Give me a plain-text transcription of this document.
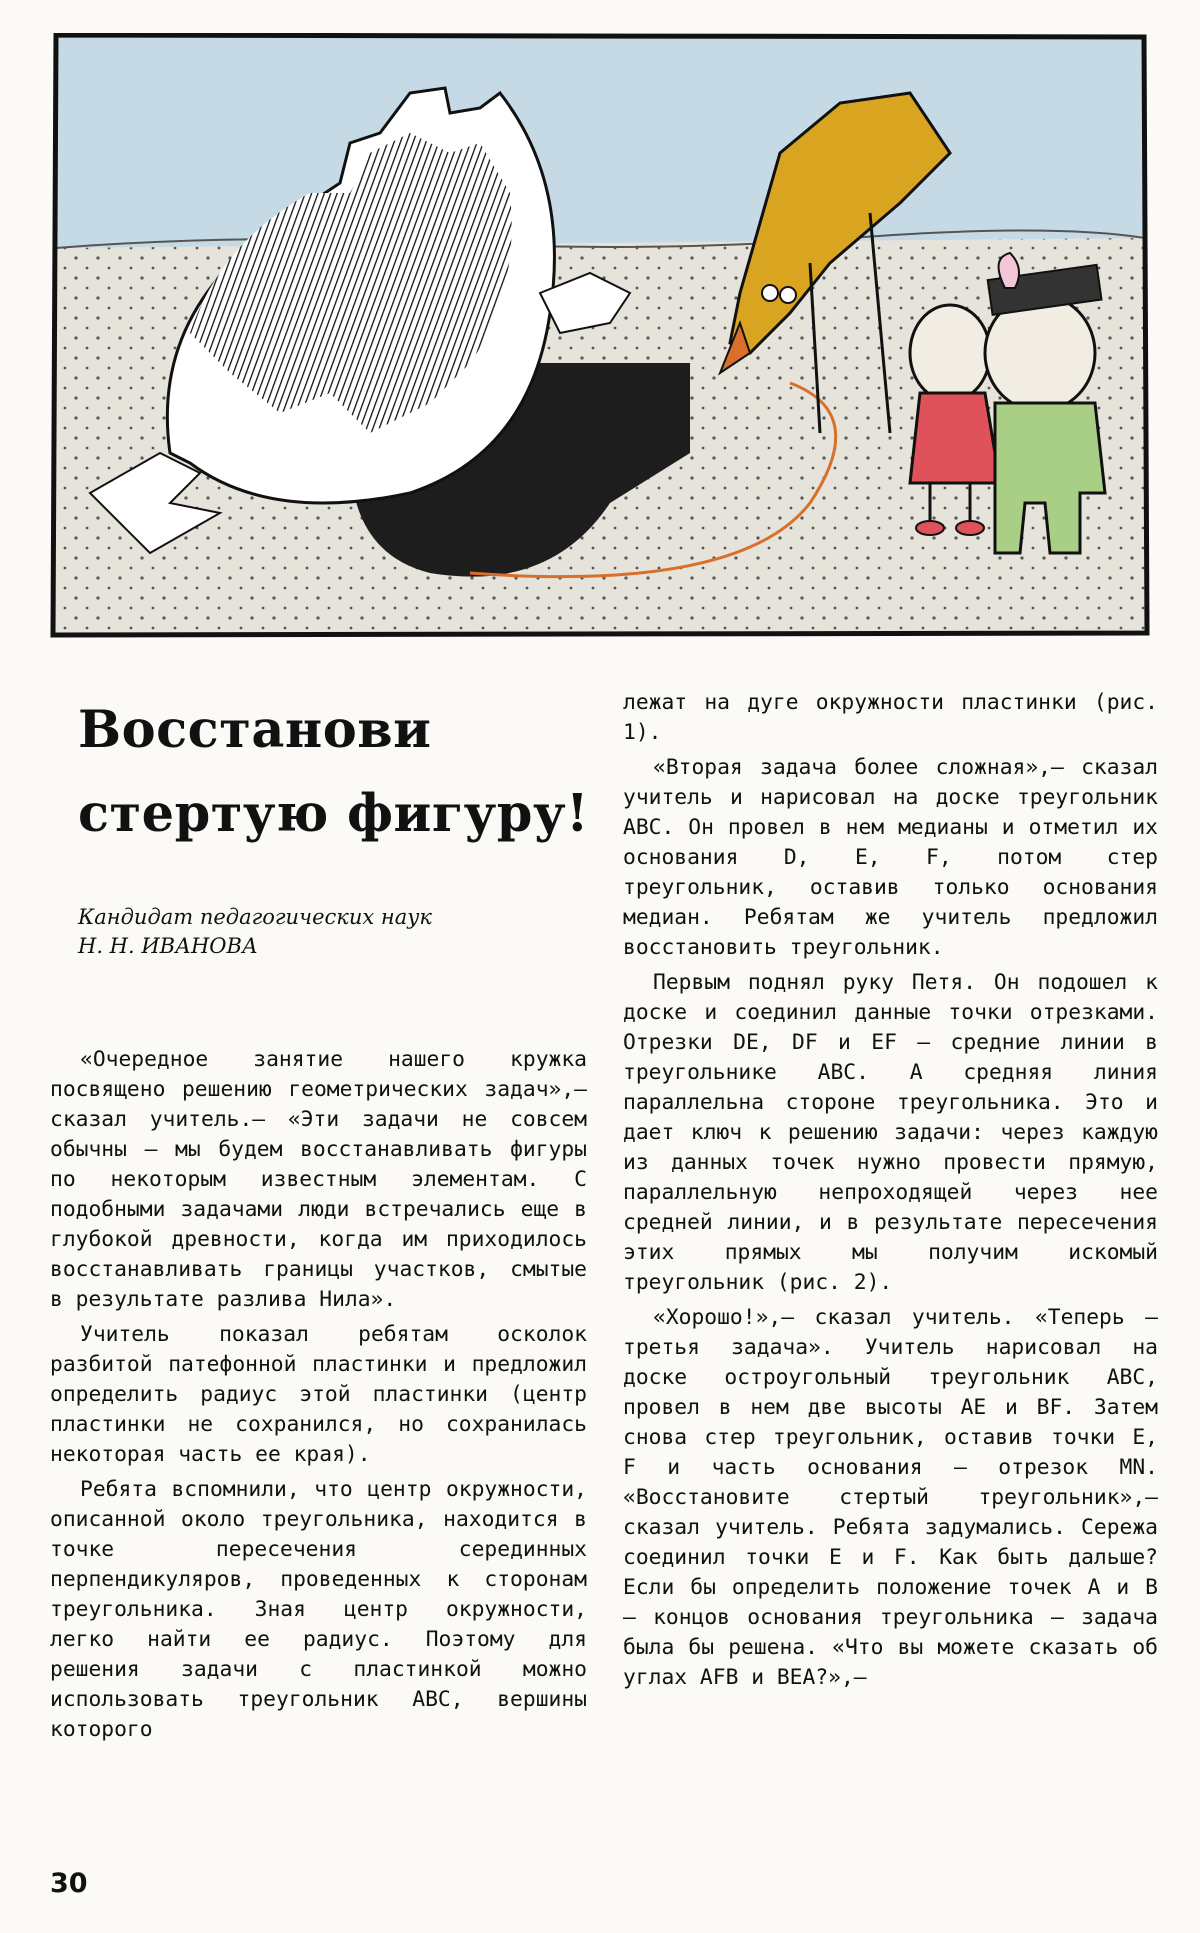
Восстанови
стертую фигуру!
Кандидат педагогических наук
Н. Н. ИВАНОВА

«Очередное занятие нашего кружка посвящено решению геометрических задач»,— сказал учитель.— «Эти задачи не совсем обычны — мы будем восстанавливать фигуры по некоторым известным элементам. С подобными задачами люди встречались еще в глубокой древности, когда им приходилось восстанавливать границы участков, смытые в результате разлива Нила».

Учитель показал ребятам осколок разбитой патефонной пластинки и предложил определить радиус этой пластинки (центр пластинки не сохранился, но сохранилась некоторая часть ее края).

Ребята вспомнили, что центр окружности, описанной около треугольника, находится в точке пересечения серединных перпендикуляров, проведенных к сторонам треугольника. Зная центр окружности, легко найти ее радиус. Поэтому для решения задачи с пластинкой можно использовать треугольник ABC, вершины которого

лежат на дуге окружности пластинки (рис. 1).

«Вторая задача более сложная»,— сказал учитель и нарисовал на доске треугольник ABC. Он провел в нем медианы и отметил их основания D, E, F, потом стер треугольник, оставив только основания медиан. Ребятам же учитель предложил восстановить треугольник.

Первым поднял руку Петя. Он подошел к доске и соединил данные точки отрезками. Отрезки DE, DF и EF — средние линии в треугольнике ABC. А средняя линия параллельна стороне треугольника. Это и дает ключ к решению задачи: через каждую из данных точек нужно провести прямую, параллельную непроходящей через нее средней линии, и в результате пересечения этих прямых мы получим искомый треугольник (рис. 2).

«Хорошо!»,— сказал учитель. «Теперь — третья задача». Учитель нарисовал на доске остроугольный треугольник ABC, провел в нем две высоты AE и BF. Затем снова стер треугольник, оставив точки E, F и часть основания — отрезок MN. «Восстановите стертый треугольник»,— сказал учитель. Ребята задумались. Сережа соединил точки E и F. Как быть дальше? Если бы определить положение точек A и B — концов основания треугольника — задача была бы решена. «Что вы можете сказать об углах AFB и BEA?»,—

30
